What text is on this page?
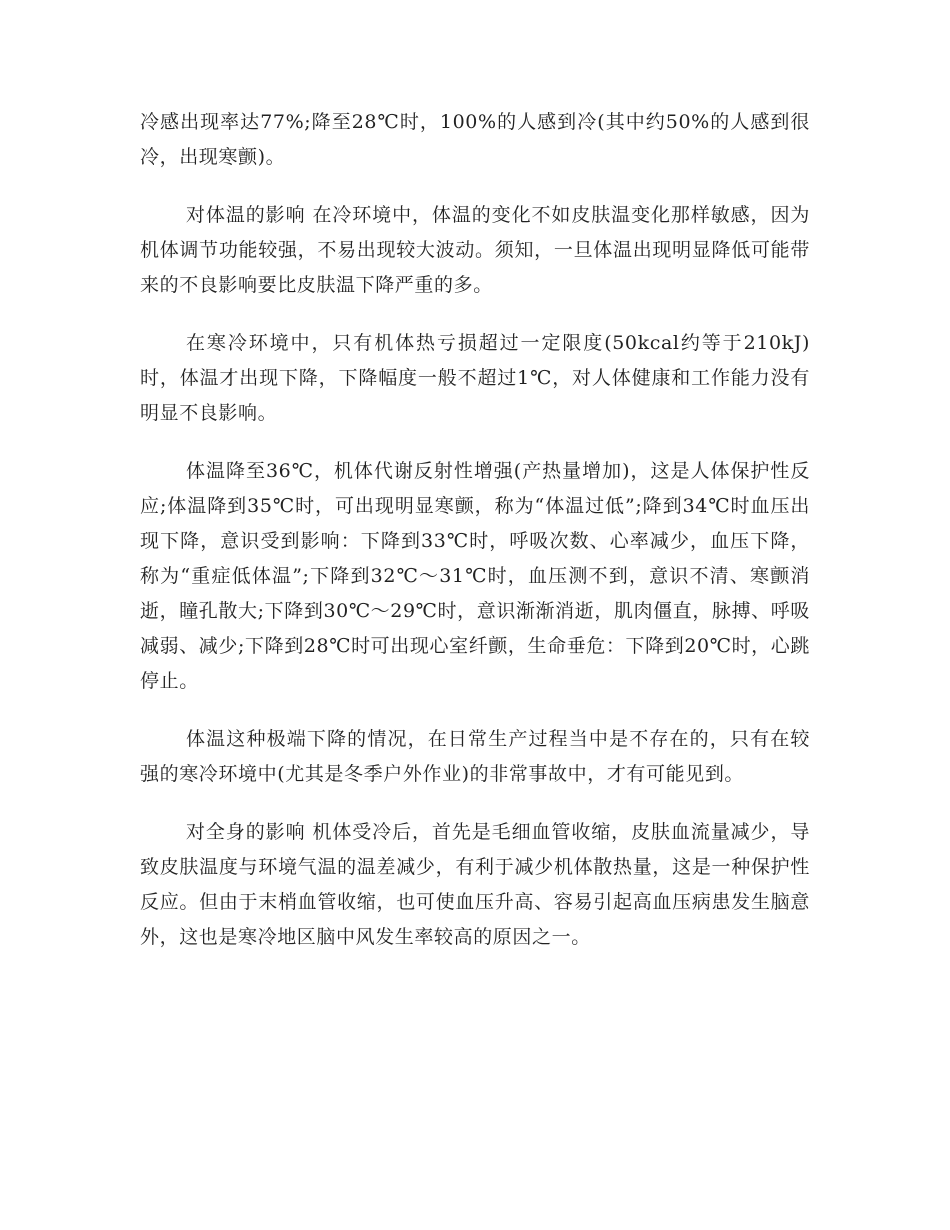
冷感出现率达77%;降至28℃时，100%的人感到冷(其中约50%的人感到很冷，出现寒颤)。

对体温的影响 在冷环境中，体温的变化不如皮肤温变化那样敏感，因为机体调节功能较强，不易出现较大波动。须知，一旦体温出现明显降低可能带来的不良影响要比皮肤温下降严重的多。

在寒冷环境中，只有机体热亏损超过一定限度(50kcal约等于210kJ)时，体温才出现下降，下降幅度一般不超过1℃，对人体健康和工作能力没有明显不良影响。

体温降至36℃，机体代谢反射性增强(产热量增加)，这是人体保护性反应;体温降到35℃时，可出现明显寒颤，称为“体温过低”;降到34℃时血压出现下降，意识受到影响：下降到33℃时，呼吸次数、心率减少，血压下降，称为“重症低体温”;下降到32℃～31℃时，血压测不到，意识不清、寒颤消逝，瞳孔散大;下降到30℃～29℃时，意识渐渐消逝，肌肉僵直，脉搏、呼吸减弱、减少;下降到28℃时可出现心室纤颤，生命垂危：下降到20℃时，心跳停止。

体温这种极端下降的情况，在日常生产过程当中是不存在的，只有在较强的寒冷环境中(尤其是冬季户外作业)的非常事故中，才有可能见到。

对全身的影响 机体受冷后，首先是毛细血管收缩，皮肤血流量减少，导致皮肤温度与环境气温的温差减少，有利于减少机体散热量，这是一种保护性反应。但由于末梢血管收缩，也可使血压升高、容易引起高血压病患发生脑意外，这也是寒冷地区脑中风发生率较高的原因之一。
